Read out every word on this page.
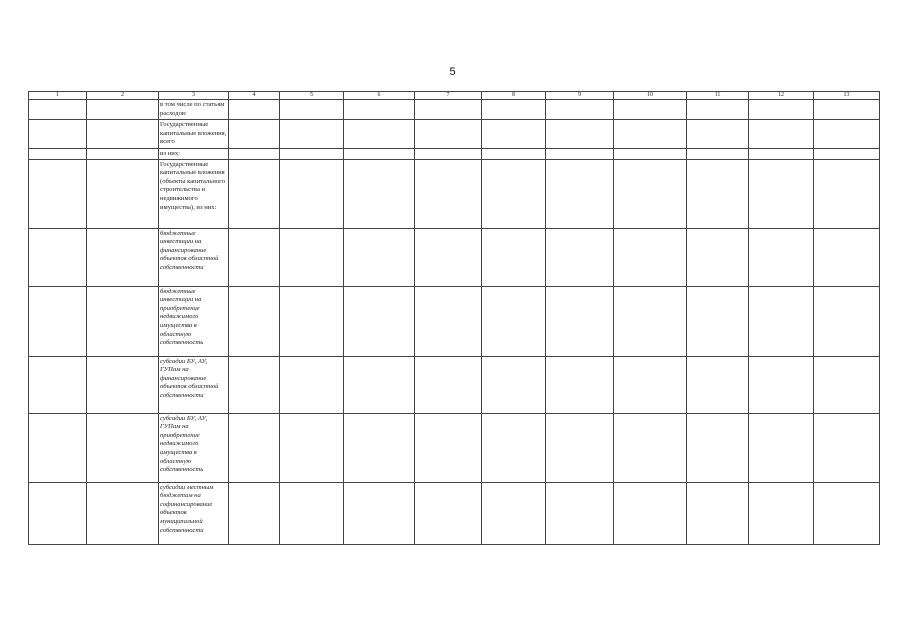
5
1	2	3	4	5	6	7	8	9	10	11	12	13
		в том числе по статьям расходов:										
		Государственные капитальные вложения, всего										
		из них:										
		Государственные капитальные вложения (объекты капитального строительства и недвижимого имущества), из них:										
		бюджетные инвестиции на финансирование объектов областной собственности										
		бюджетные инвестиции на приобретение недвижимого имущества в областную собственность										
		субсидии БУ, АУ, ГУПам на финансирование объектов областной собственности										
		субсидии БУ, АУ, ГУПам на приобретение недвижимого имущества в областную собственность										
		субсидии местным бюджетам на софинансирование объектов муниципальной собственности										
